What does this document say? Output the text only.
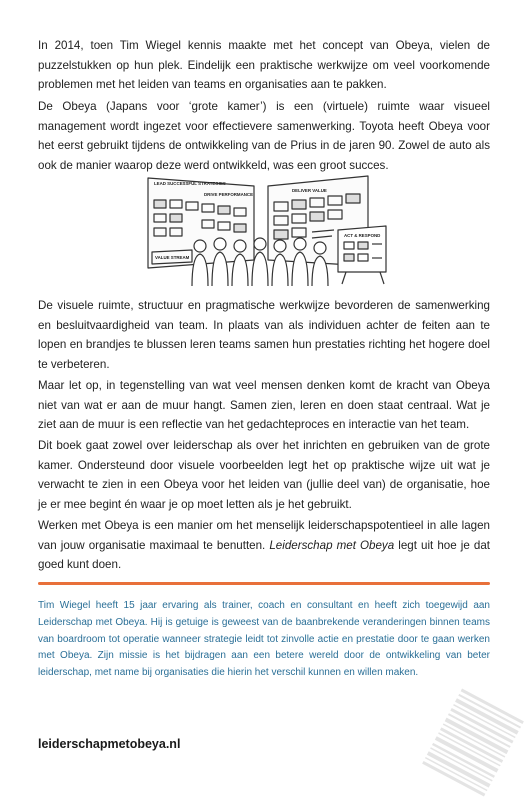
In 2014, toen Tim Wiegel kennis maakte met het concept van Obeya, vielen de puzzelstukken op hun plek. Eindelijk een praktische werkwijze om veel voorkomende problemen met het leiden van teams en organisaties aan te pakken.

De Obeya (Japans voor ‘grote kamer’) is een (virtuele) ruimte waar visueel management wordt ingezet voor effectievere samenwerking. Toyota heeft Obeya voor het eerst gebruikt tijdens de ontwikkeling van de Prius in de jaren 90. Zowel de auto als ook de manier waarop deze werd ontwikkeld, was een groot succes.

LEAD SUCCESSFUL STRATEGIES
DRIVE PERFORMANCE
DELIVER VALUE
VALUE STREAM
ACT & RESPOND

De visuele ruimte, structuur en pragmatische werkwijze bevorderen de samenwerking en besluitvaardigheid van team. In plaats van als individuen achter de feiten aan te lopen en brandjes te blussen leren teams samen hun prestaties richting het hogere doel te verbeteren.

Maar let op, in tegenstelling van wat veel mensen denken komt de kracht van Obeya niet van wat er aan de muur hangt. Samen zien, leren en doen staat centraal. Wat je ziet aan de muur is een reflectie van het gedachteproces en interactie van het team.

Dit boek gaat zowel over leiderschap als over het inrichten en gebruiken van de grote kamer. Ondersteund door visuele voorbeelden legt het op praktische wijze uit wat je verwacht te zien in een Obeya voor het leiden van (jullie deel van) de organisatie, hoe je er mee begint én waar je op moet letten als je het gebruikt.

Werken met Obeya is een manier om het menselijk leiderschapspotentieel in alle lagen van jouw organisatie maximaal te benutten. Leiderschap met Obeya legt uit hoe je dat goed kunt doen.

Tim Wiegel heeft 15 jaar ervaring als trainer, coach en consultant en heeft zich toegewijd aan Leiderschap met Obeya. Hij is getuige is geweest van de baanbrekende veranderingen binnen teams van boardroom tot operatie wanneer strategie leidt tot zinvolle actie en prestatie door te gaan werken met Obeya. Zijn missie is het bijdragen aan een betere wereld door de ontwikkeling van beter leiderschap, met name bij organisaties die hierin het verschil kunnen en willen maken.

leiderschapmetobeya.nl
